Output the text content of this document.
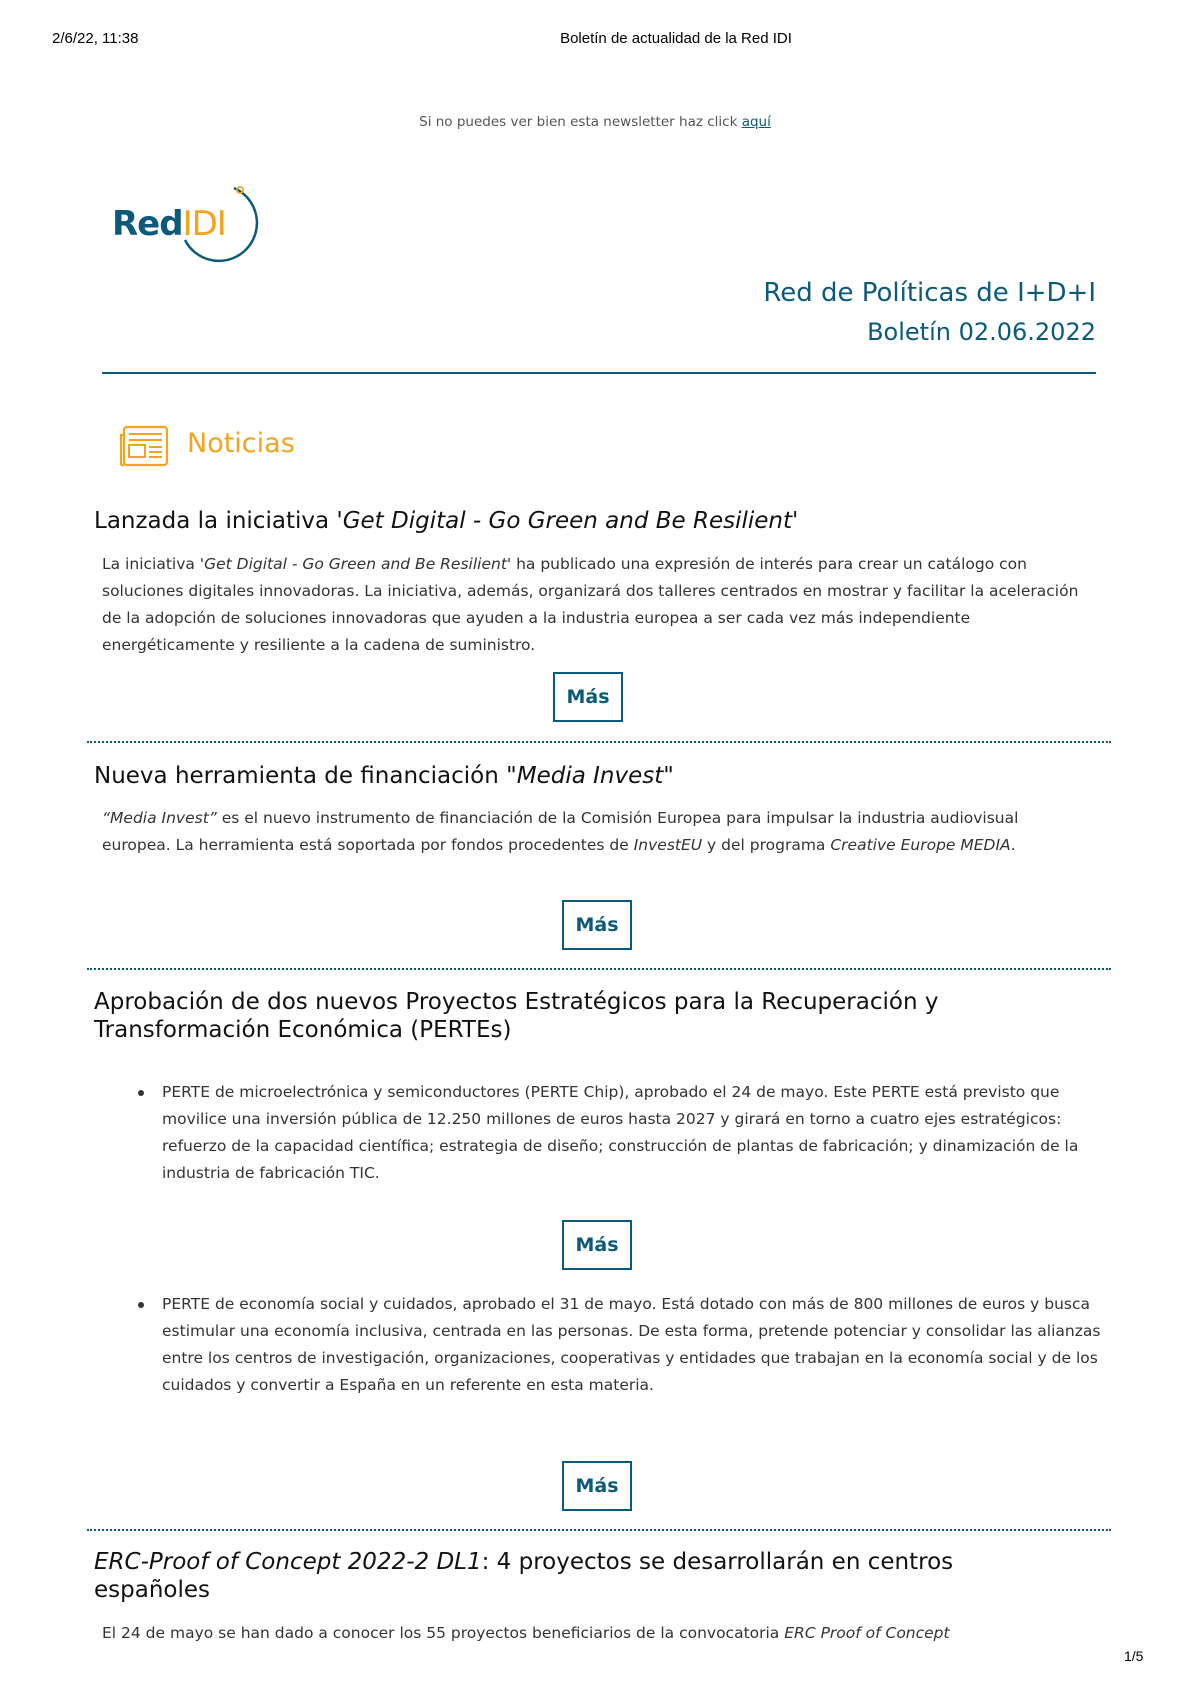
2/6/22, 11:38	Boletín de actualidad de la Red IDI
Si no puedes ver bien esta newsletter haz click aquí
RedIDI
Red de Políticas de I+D+I
Boletín 02.06.2022
Noticias
Lanzada la iniciativa 'Get Digital - Go Green and Be Resilient'
La iniciativa 'Get Digital - Go Green and Be Resilient' ha publicado una expresión de interés para crear un catálogo con soluciones digitales innovadoras. La iniciativa, además, organizará dos talleres centrados en mostrar y facilitar la aceleración de la adopción de soluciones innovadoras que ayuden a la industria europea a ser cada vez más independiente energéticamente y resiliente a la cadena de suministro.
Más
Nueva herramienta de financiación "Media Invest"
“Media Invest” es el nuevo instrumento de financiación de la Comisión Europea para impulsar la industria audiovisual europea. La herramienta está soportada por fondos procedentes de InvestEU y del programa Creative Europe MEDIA.
Más
Aprobación de dos nuevos Proyectos Estratégicos para la Recuperación y Transformación Económica (PERTEs)
PERTE de microelectrónica y semiconductores (PERTE Chip), aprobado el 24 de mayo. Este PERTE está previsto que movilice una inversión pública de 12.250 millones de euros hasta 2027 y girará en torno a cuatro ejes estratégicos: refuerzo de la capacidad científica; estrategia de diseño; construcción de plantas de fabricación; y dinamización de la industria de fabricación TIC.
Más
PERTE de economía social y cuidados, aprobado el 31 de mayo. Está dotado con más de 800 millones de euros y busca estimular una economía inclusiva, centrada en las personas. De esta forma, pretende potenciar y consolidar las alianzas entre los centros de investigación, organizaciones, cooperativas y entidades que trabajan en la economía social y de los cuidados y convertir a España en un referente en esta materia.
Más
ERC-Proof of Concept 2022-2 DL1: 4 proyectos se desarrollarán en centros españoles
El 24 de mayo se han dado a conocer los 55 proyectos beneficiarios de la convocatoria ERC Proof of Concept
1/5
